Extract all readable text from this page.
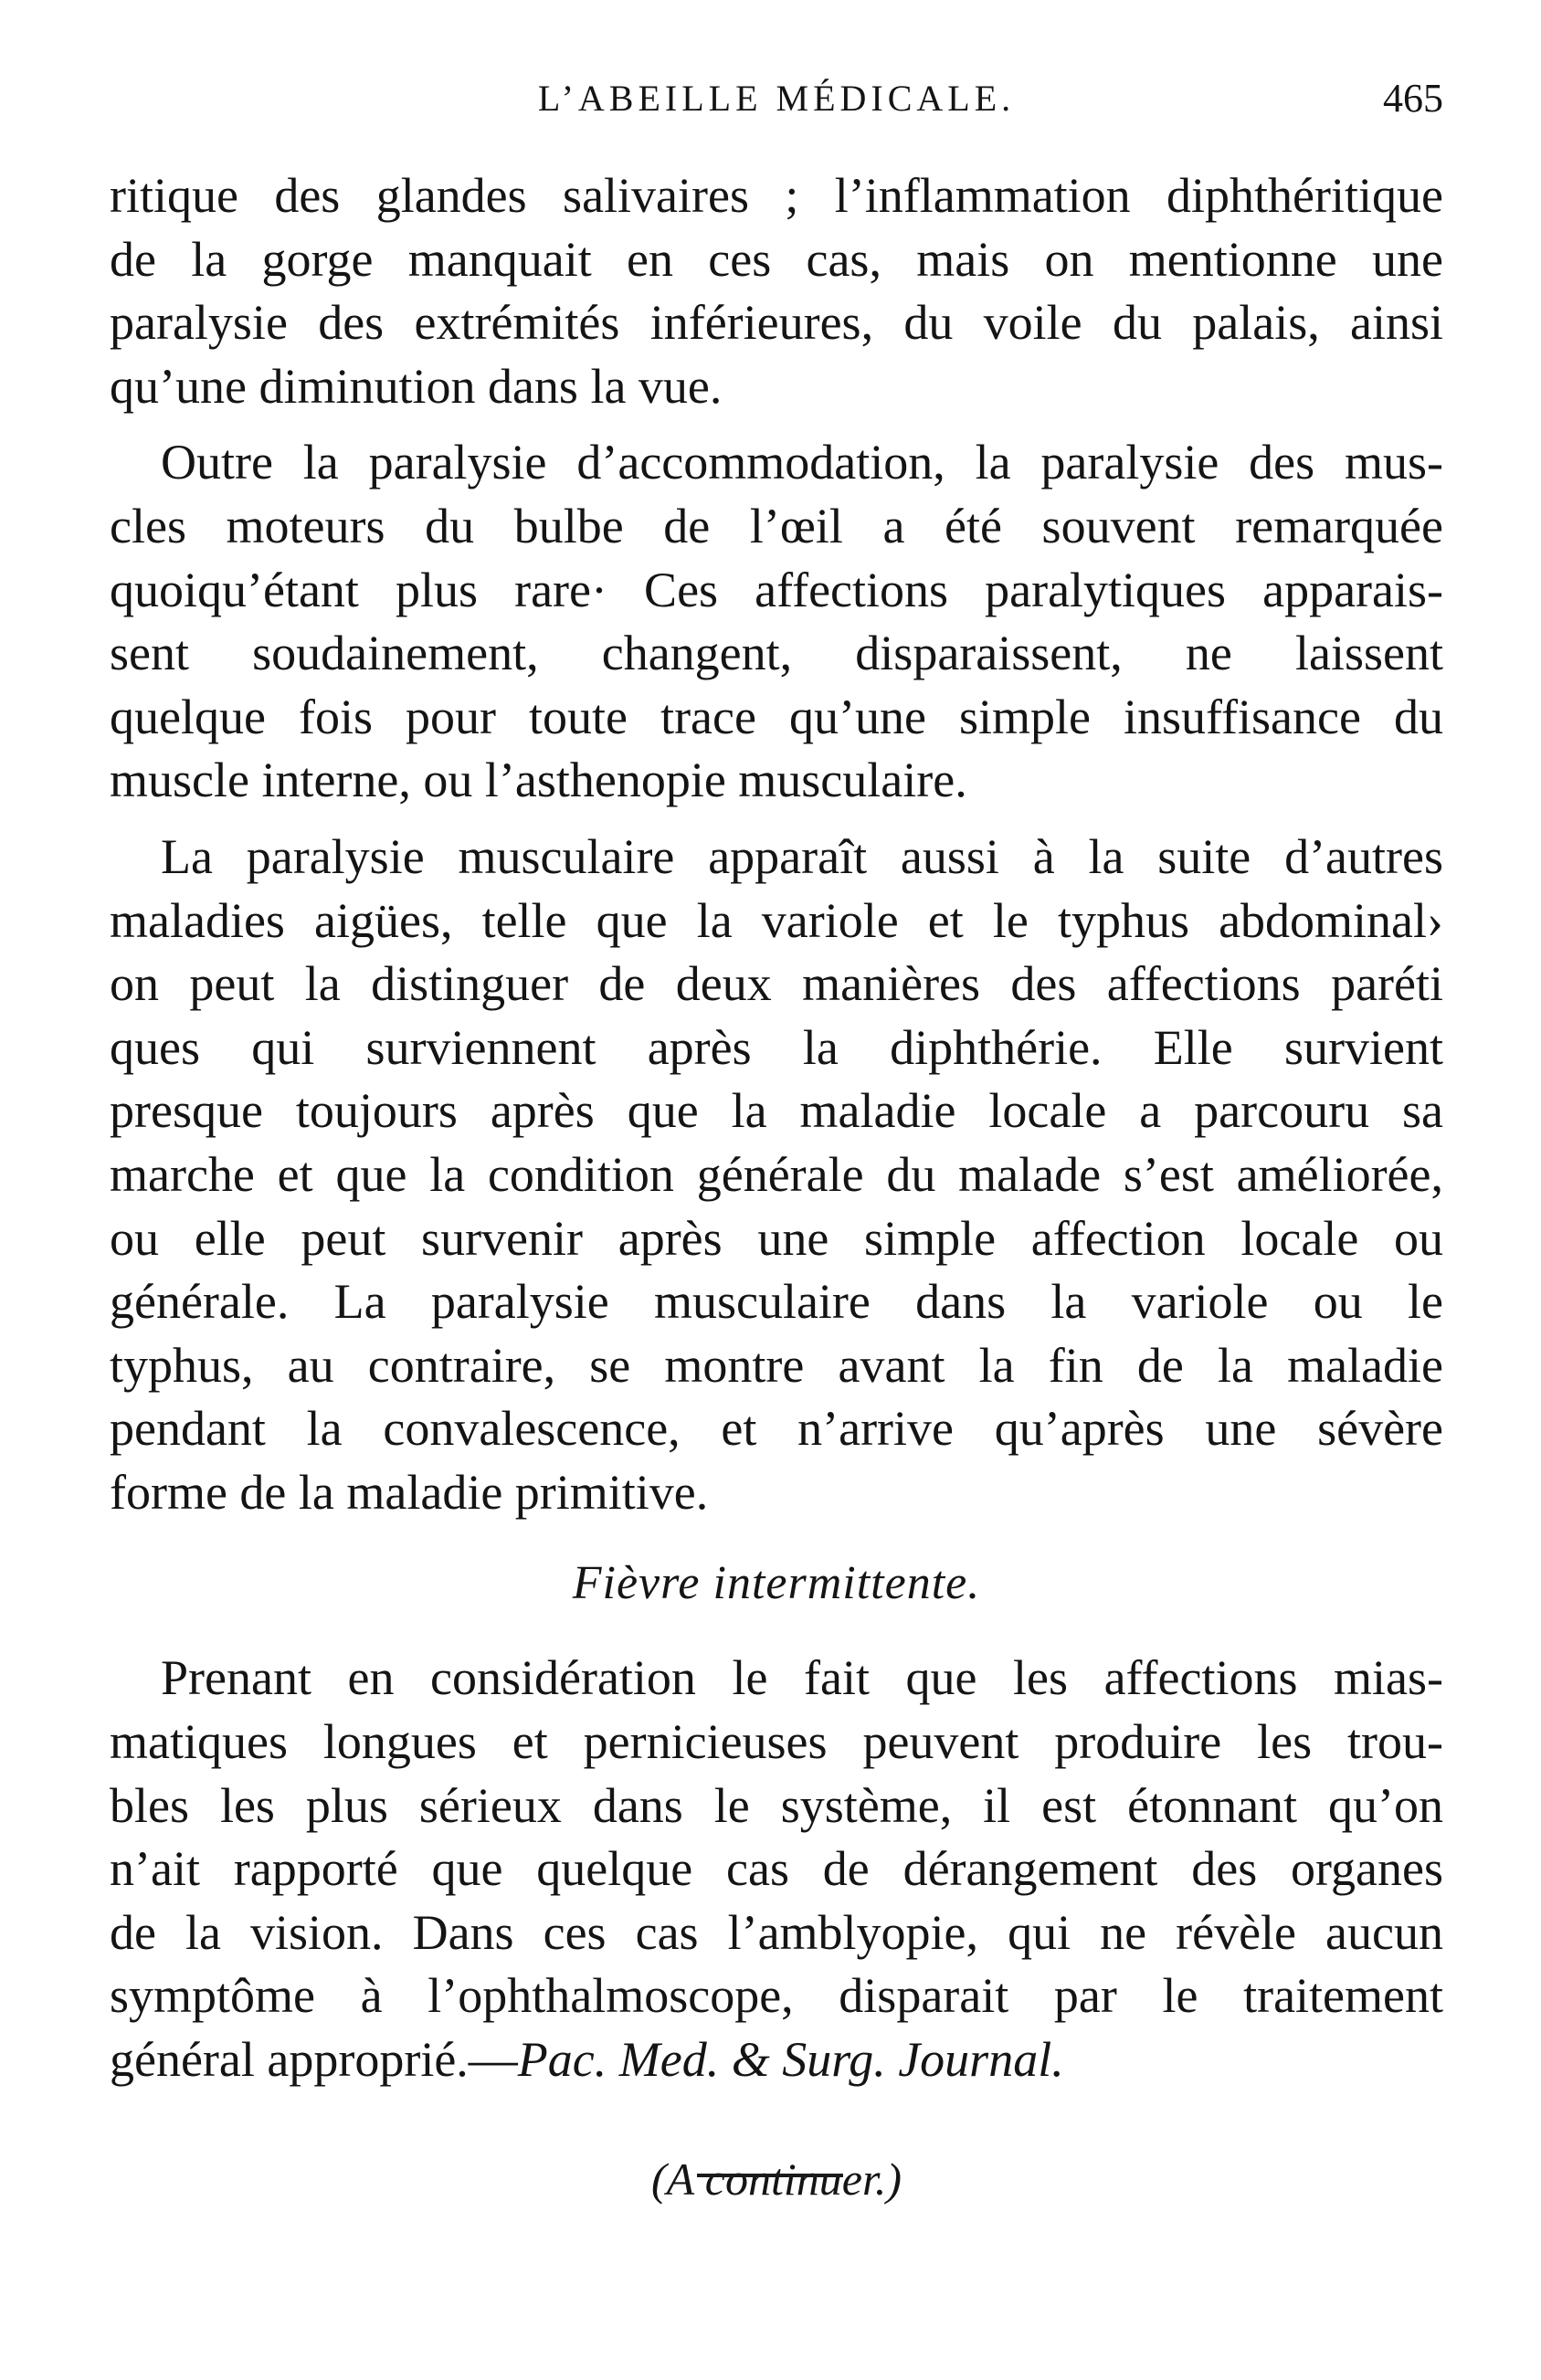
L’ABEILLE MÉDICALE.	465
ritique des glandes salivaires ; l’inflammation diphthéritique
de la gorge manquait en ces cas, mais on mentionne une
paralysie des extrémités inférieures, du voile du palais, ainsi
qu’une diminution dans la vue.
Outre la paralysie d’accommodation, la paralysie des mus-
cles moteurs du bulbe de l’œil a été souvent remarquée
quoiqu’étant plus rare· Ces affections paralytiques apparais-
sent soudainement, changent, disparaissent, ne laissent
quelque fois pour toute trace qu’une simple insuffisance du
muscle interne, ou l’asthenopie musculaire.
La paralysie musculaire apparaît aussi à la suite d’autres
maladies aigües, telle que la variole et le typhus abdominal›
on peut la distinguer de deux manières des affections paréti
ques qui surviennent après la diphthérie. Elle survient
presque toujours après que la maladie locale a parcouru sa
marche et que la condition générale du malade s’est améliorée,
ou elle peut survenir après une simple affection locale ou
générale. La paralysie musculaire dans la variole ou le
typhus, au contraire, se montre avant la fin de la maladie
pendant la convalescence, et n’arrive qu’après une sévère
forme de la maladie primitive.
Fièvre intermittente.
Prenant en considération le fait que les affections mias-
matiques longues et pernicieuses peuvent produire les trou-
bles les plus sérieux dans le système, il est étonnant qu’on
n’ait rapporté que quelque cas de dérangement des organes
de la vision. Dans ces cas l’amblyopie, qui ne révèle aucun
symptôme à l’ophthalmoscope, disparait par le traitement
général approprié.—Pac. Med. & Surg. Journal.
(A continuer.)
